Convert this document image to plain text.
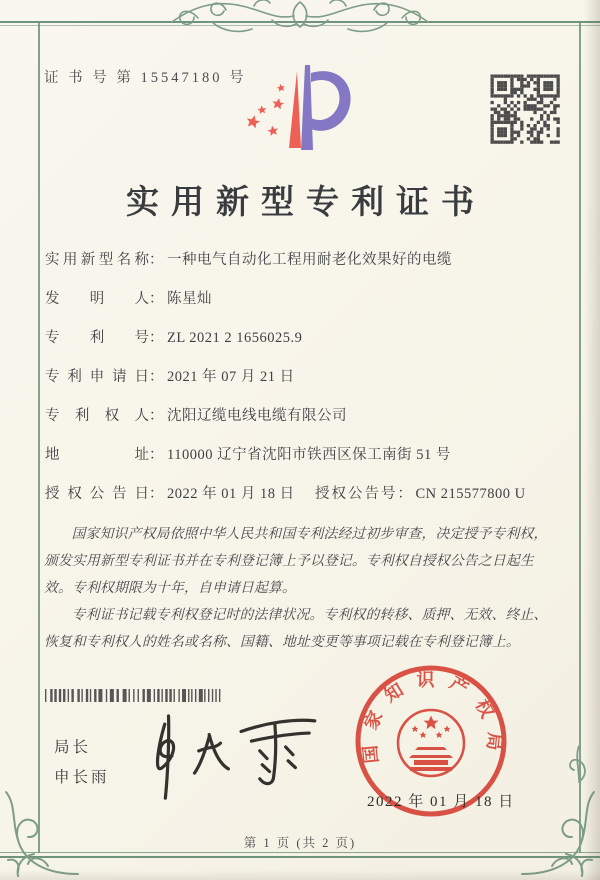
证 书 号 第 15547180 号
实用新型专利证书
实用新型名称 ： 一种电气自动化工程用耐老化效果好的电缆
发明人 ： 陈星灿
专利号 ： ZL 2021 2 1656025.9
专利申请日 ： 2021 年 07 月 21 日
专利权人 ： 沈阳辽缆电线电缆有限公司
地址 ： 110000 辽宁省沈阳市铁西区保工南街 51 号
授权公告日 ： 2022 年 01 月 18 日	授权公告号 ： CN 215577800 U

国家知识产权局依照中华人民共和国专利法经过初步审查，决定授予专利权，颁发实用新型专利证书并在专利登记簿上予以登记。专利权自授权公告之日起生效。专利权期限为十年，自申请日起算。

专利证书记载专利权登记时的法律状况。专利权的转移、质押、无效、终止、恢复和专利权人的姓名或名称、国籍、地址变更等事项记载在专利登记簿上。

局长
申长雨
国家知识产权局
2022 年 01 月 18 日
第 1 页 (共 2 页)
